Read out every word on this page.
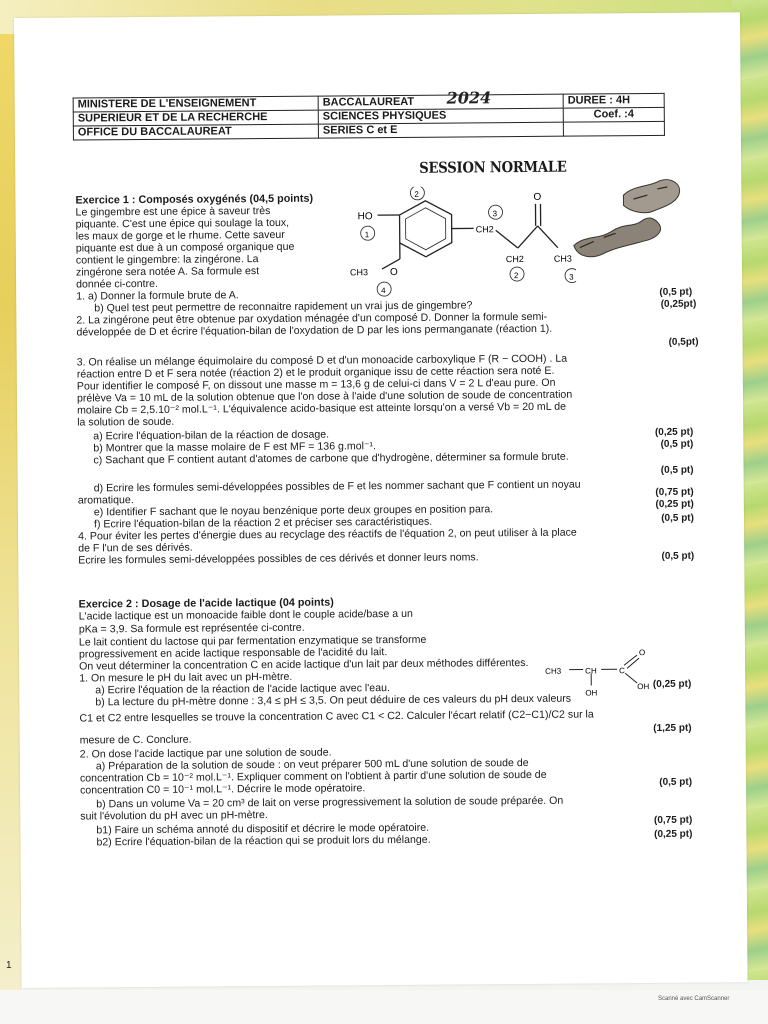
MINISTERE DE L'ENSEIGNEMENT	BACCALAUREAT	DUREE : 4H
SUPERIEUR ET DE LA RECHERCHE	SCIENCES PHYSIQUES	Coef. :4
OFFICE DU BACCALAUREAT	SERIES C et E	
2024
SESSION NORMALE
HO
CH3 O
CH2
CH2	CH3
O
1
2
3
2	3
4
Exercice 1 : Composés oxygénés (04,5 points)
Le gingembre est une épice à saveur très
piquante. C'est une épice qui soulage la toux,
les maux de gorge et le rhume. Cette saveur
piquante est due à un composé organique que
contient le gingembre: la zingérone. La
zingérone sera notée A. Sa formule est
donnée ci-contre.
1. a) Donner la formule brute de A.	(0,5 pt)
b) Quel test peut permettre de reconnaitre rapidement un vrai jus de gingembre?	(0,25pt)
2. La zingérone peut être obtenue par oxydation ménagée d'un composé D. Donner la formule semi-
développée de D et écrire l'équation-bilan de l'oxydation de D par les ions permanganate (réaction 1).
(0,5pt)
3. On réalise un mélange équimolaire du composé D et d'un monoacide carboxylique F (R − COOH) . La
réaction entre D et F sera notée (réaction 2) et le produit organique issu de cette réaction sera noté E.
Pour identifier le composé F, on dissout une masse m = 13,6 g de celui-ci dans V = 2 L d'eau pure. On
prélève Va = 10 mL de la solution obtenue que l'on dose à l'aide d'une solution de soude de concentration
molaire Cb = 2,5.10⁻² mol.L⁻¹. L'équivalence acido-basique est atteinte lorsqu'on a versé Vb = 20 mL de
la solution de soude.
a) Ecrire l'équation-bilan de la réaction de dosage.	(0,25 pt)
b) Montrer que la masse molaire de F est MF = 136 g.mol⁻¹.	(0,5 pt)
c) Sachant que F contient autant d'atomes de carbone que d'hydrogène, déterminer sa formule brute.
(0,5 pt)
d) Ecrire les formules semi-développées possibles de F et les nommer sachant que F contient un noyau
aromatique.
(0,75 pt)
e) Identifier F sachant que le noyau benzénique porte deux groupes en position para.	(0,25 pt)
f) Ecrire l'équation-bilan de la réaction 2 et préciser ses caractéristiques.	(0,5 pt)
4. Pour éviter les pertes d'énergie dues au recyclage des réactifs de l'équation 2, on peut utiliser à la place
de F l'un de ses dérivés.
Ecrire les formules semi-développées possibles de ces dérivés et donner leurs noms.	(0,5 pt)
Exercice 2 : Dosage de l'acide lactique (04 points)
L'acide lactique est un monoacide faible dont le couple acide/base a un
pKa = 3,9. Sa formule est représentée ci-contre.
Le lait contient du lactose qui par fermentation enzymatique se transforme
progressivement en acide lactique responsable de l'acidité du lait.
On veut déterminer la concentration C en acide lactique d'un lait par deux méthodes différentes.
1. On mesure le pH du lait avec un pH-mètre.
a) Ecrire l'équation de la réaction de l'acide lactique avec l'eau.	(0,25 pt)
b) La lecture du pH-mètre donne : 3,4 ≤ pH ≤ 3,5. On peut déduire de ces valeurs du pH deux valeurs
C1 et C2 entre lesquelles se trouve la concentration C avec C1 < C2. Calculer l'écart relatif (C2−C1)/C2 sur la
mesure de C. Conclure.
(1,25 pt)
2. On dose l'acide lactique par une solution de soude.
a) Préparation de la solution de soude : on veut préparer 500 mL d'une solution de soude de
concentration Cb = 10⁻² mol.L⁻¹. Expliquer comment on l'obtient à partir d'une solution de soude de
concentration C0 = 10⁻¹ mol.L⁻¹. Décrire le mode opératoire.	(0,5 pt)
b) Dans un volume Va = 20 cm³ de lait on verse progressivement la solution de soude préparée. On
suit l'évolution du pH avec un pH-mètre.
b1) Faire un schéma annoté du dispositif et décrire le mode opératoire.
(0,75 pt)
b2) Ecrire l'équation-bilan de la réaction qui se produit lors du mélange.	(0,25 pt)
CH3	CH	C
O
OH
OH
1
Scanné avec CamScanner
